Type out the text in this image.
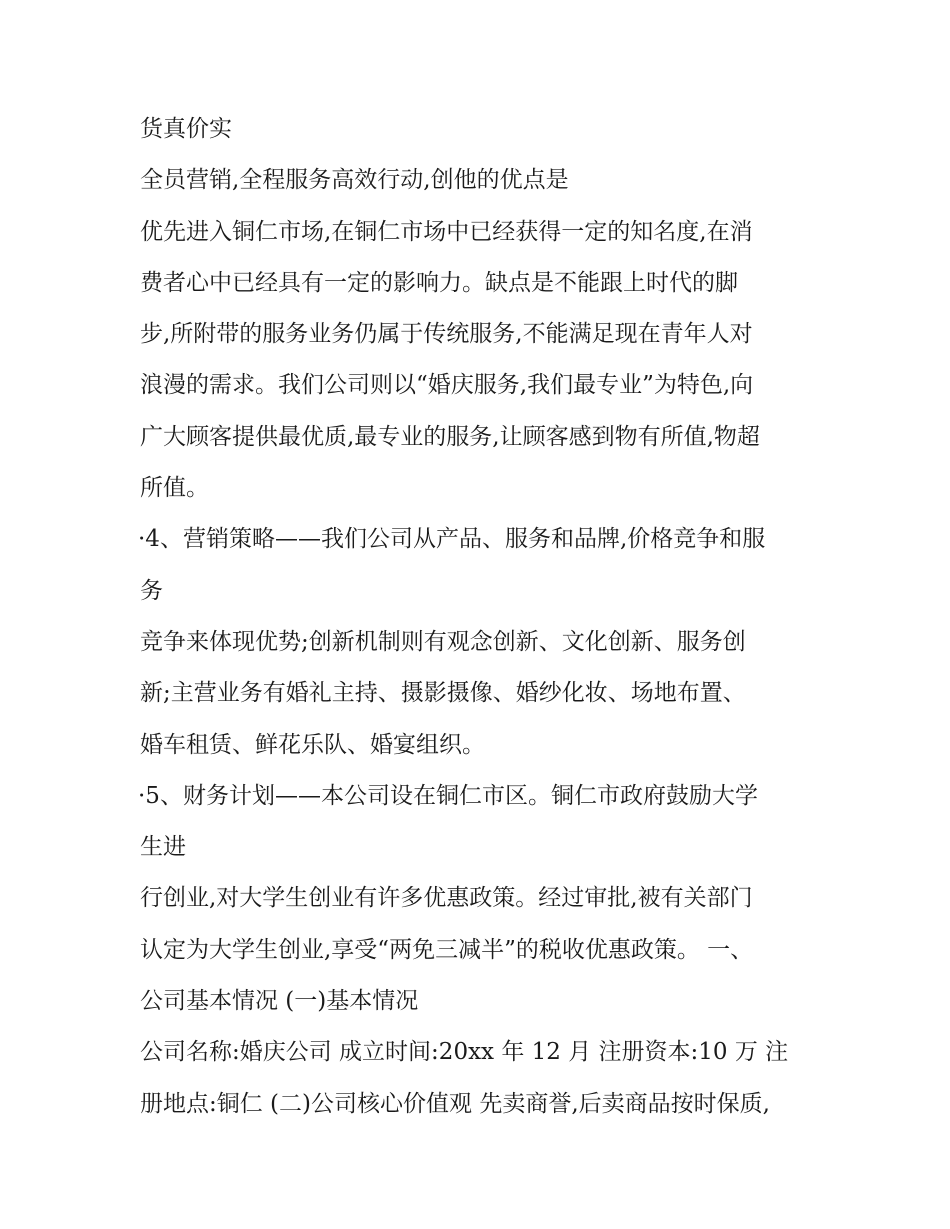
货真价实

全员营销,全程服务高效行动,创他的优点是

优先进入铜仁市场,在铜仁市场中已经获得一定的知名度,在消

费者心中已经具有一定的影响力。缺点是不能跟上时代的脚

步,所附带的服务业务仍属于传统服务,不能满足现在青年人对

浪漫的需求。我们公司则以“婚庆服务,我们最专业”为特色,向

广大顾客提供最优质,最专业的服务,让顾客感到物有所值,物超

所值。

·4、营销策略——我们公司从产品、服务和品牌,价格竞争和服

务

竞争来体现优势;创新机制则有观念创新、文化创新、服务创

新;主营业务有婚礼主持、摄影摄像、婚纱化妆、场地布置、

婚车租赁、鲜花乐队、婚宴组织。

·5、财务计划——本公司设在铜仁市区。铜仁市政府鼓励大学

生进

行创业,对大学生创业有许多优惠政策。经过审批,被有关部门

认定为大学生创业,享受“两免三减半”的税收优惠政策。 一、

公司基本情况 (一)基本情况

公司名称:婚庆公司 成立时间:20xx 年 12 月 注册资本:10 万 注

册地点:铜仁 (二)公司核心价值观 先卖商誉,后卖商品按时保质,
